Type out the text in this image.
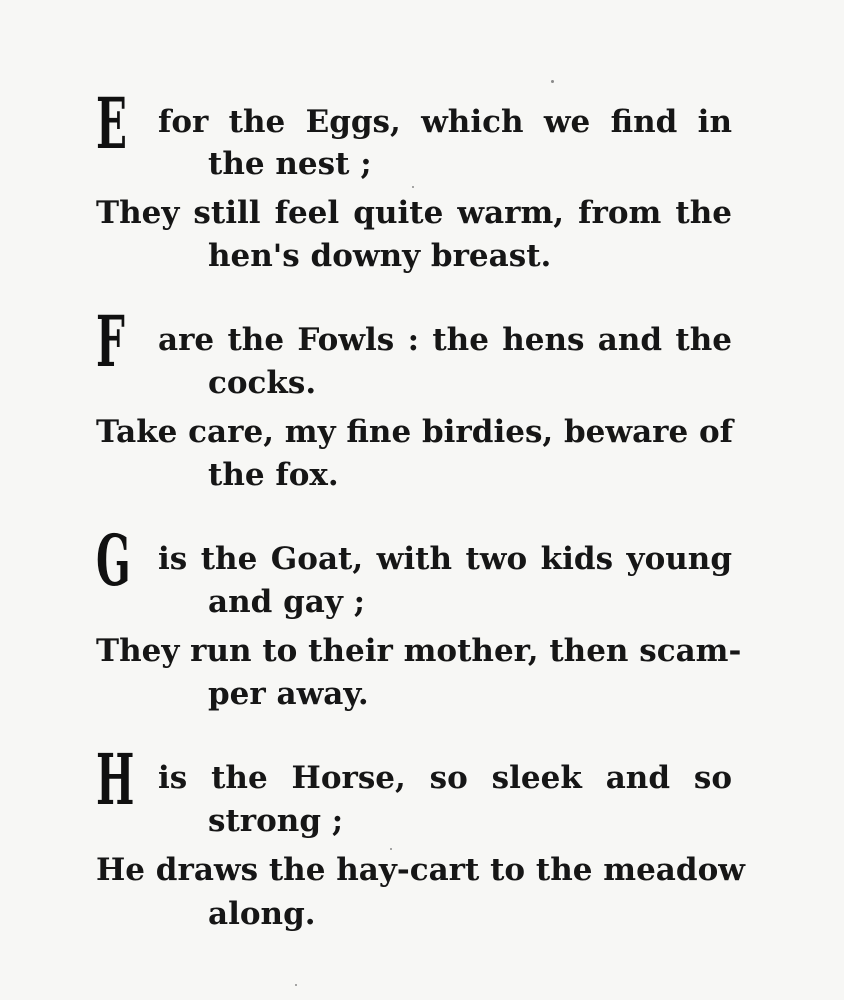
E for the Eggs, which we find in
the nest ;
They still feel quite warm, from the
hen's downy breast.
F are the Fowls : the hens and the
cocks.
Take care, my fine birdies, beware of
the fox.
G is the Goat, with two kids young
and gay ;
They run to their mother, then scam-
per away.
H is the Horse, so sleek and so
strong ;
He draws the hay-cart to the meadow
along.
